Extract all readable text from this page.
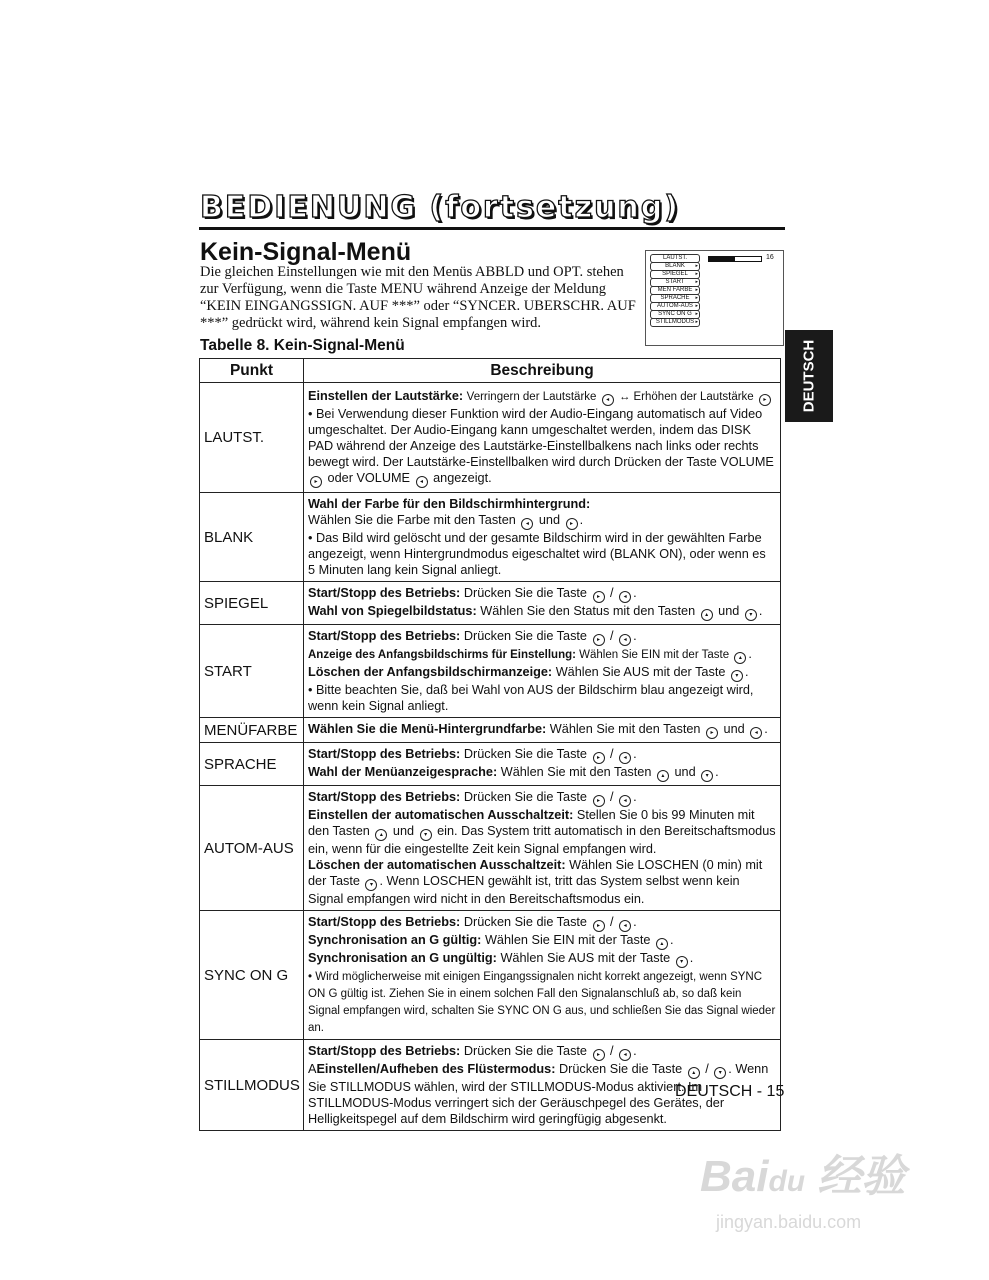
BEDIENUNG (fortsetzung)
Kein-Signal-Menü
Die gleichen Einstellungen wie mit den Menüs ABBLD und OPT. stehen zur Verfügung, wenn die Taste MENU während Anzeige der Meldung “KEIN EINGANGSSIGN. AUF ***” oder “SYNCER. UBERSCHR. AUF ***” gedrückt wird, während kein Signal empfangen wird.
16
LAUTST.
BLANK ▸
SPIEGEL ▸
START ▸
MEN FARBE ▸
SPRACHE ▸
AUTOM-AUS ▸
SYNC ON G ▸
STILLMODUS ▸
Tabelle 8. Kein-Signal-Menü	DEUTSCH
Punkt	Beschreibung
LAUTST.	Einstellen der Lautstärke: Verringern der Lautstärke ◂ ↔ Erhöhen der Lautstärke ▸
• Bei Verwendung dieser Funktion wird der Audio-Eingang automatisch auf Video umgeschaltet. Der Audio-Eingang kann umgeschaltet werden, indem das DISK PAD während der Anzeige des Lautstärke-Einstellbalkens nach links oder rechts bewegt wird. Der Lautstärke-Einstellbalken wird durch Drücken der Taste VOLUME ▸ oder VOLUME ◂ angezeigt.

BLANK	Wahl der Farbe für den Bildschirmhintergrund:
Wählen Sie die Farbe mit den Tasten ◂ und ▸ .
• Das Bild wird gelöscht und der gesamte Bildschirm wird in der gewählten Farbe angezeigt, wenn Hintergrundmodus eigeschaltet wird (BLANK ON), oder wenn es 5 Minuten lang kein Signal anliegt.

SPIEGEL	Start/Stopp des Betriebs: Drücken Sie die Taste ▸ / ◂ .
Wahl von Spiegelbildstatus: Wählen Sie den Status mit den Tasten ▴ und ▾ .

START	Start/Stopp des Betriebs: Drücken Sie die Taste ▸ / ◂ .
Anzeige des Anfangsbildschirms für Einstellung: Wählen Sie EIN mit der Taste ▴ .
Löschen der Anfangsbildschirmanzeige: Wählen Sie AUS mit der Taste ▾ .
• Bitte beachten Sie, daß bei Wahl von AUS der Bildschirm blau angezeigt wird, wenn kein Signal anliegt.

MENÜFARBE	Wählen Sie die Menü-Hintergrundfarbe: Wählen Sie mit den Tasten ▸ und ◂ .

SPRACHE	Start/Stopp des Betriebs: Drücken Sie die Taste ▸ / ◂ .
Wahl der Menüanzeigesprache: Wählen Sie mit den Tasten ▴ und ▾ .

AUTOM-AUS	Start/Stopp des Betriebs: Drücken Sie die Taste ▸ / ◂ .
Einstellen der automatischen Ausschaltzeit: Stellen Sie 0 bis 99 Minuten mit den Tasten ▴ und ▾ ein. Das System tritt automatisch in den Bereitschaftsmodus ein, wenn für die eingestellte Zeit kein Signal empfangen wird.
Löschen der automatischen Ausschaltzeit: Wählen Sie LOSCHEN (0 min) mit der Taste ▾ . Wenn LOSCHEN gewählt ist, tritt das System selbst wenn kein Signal empfangen wird nicht in den Bereitschaftsmodus ein.

SYNC ON G	Start/Stopp des Betriebs: Drücken Sie die Taste ▸ / ◂ .
Synchronisation an G gültig: Wählen Sie EIN mit der Taste ▴ .
Synchronisation an G ungültig: Wählen Sie AUS mit der Taste ▾ .
• Wird möglicherweise mit einigen Eingangssignalen nicht korrekt angezeigt, wenn SYNC ON G gültig ist. Ziehen Sie in einem solchen Fall den Signalanschluß ab, so daß kein Signal empfangen wird, schalten Sie SYNC ON G aus, und schließen Sie das Signal wieder an.

STILLMODUS	Start/Stopp des Betriebs: Drücken Sie die Taste ▸ / ◂ .
AEinstellen/Aufheben des Flüstermodus: Drücken Sie die Taste ▴ / ▾ . Wenn Sie STILLMODUS wählen, wird der STILLMODUS-Modus aktiviert. Im STILLMODUS-Modus verringert sich der Geräuschpegel des Gerätes, der Helligkeitspegel auf dem Bildschirm wird geringfügig abgesenkt.
DEUTSCH - 15
Baidu 经验
jingyan.baidu.com
